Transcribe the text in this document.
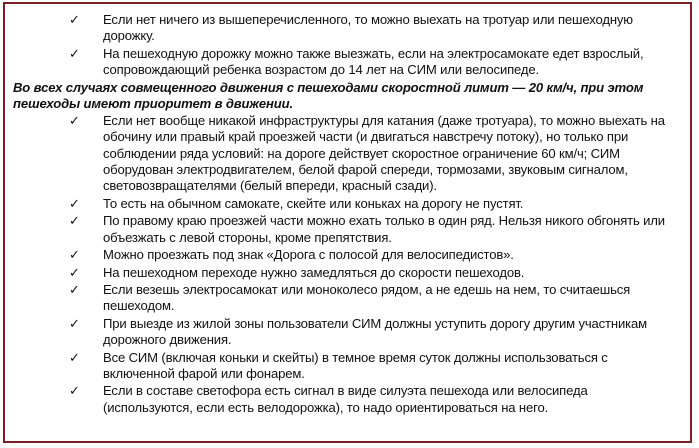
✓ Если нет ничего из вышеперечисленного, то можно выехать на тротуар или пешеходную дорожку.
✓ На пешеходную дорожку можно также выезжать, если на электросамокате едет взрослый, сопровождающий ребенка возрастом до 14 лет на СИМ или велосипеде.
Во всех случаях совмещенного движения с пешеходами скоростной лимит — 20 км/ч, при этом пешеходы имеют приоритет в движении.
✓ Если нет вообще никакой инфраструктуры для катания (даже тротуара), то можно выехать на обочину или правый край проезжей части (и двигаться навстречу потоку), но только при соблюдении ряда условий: на дороге действует скоростное ограничение 60 км/ч; СИМ оборудован электродвигателем, белой фарой спереди, тормозами, звуковым сигналом, световозвращателями (белый впереди, красный сзади).
✓ То есть на обычном самокате, скейте или коньках на дорогу не пустят.
✓ По правому краю проезжей части можно ехать только в один ряд. Нельзя никого обгонять или объезжать с левой стороны, кроме препятствия.
✓ Можно проезжать под знак «Дорога с полосой для велосипедистов».
✓ На пешеходном переходе нужно замедляться до скорости пешеходов.
✓ Если везешь электросамокат или моноколесо рядом, а не едешь на нем, то считаешься пешеходом.
✓ При выезде из жилой зоны пользователи СИМ должны уступить дорогу другим участникам дорожного движения.
✓ Все СИМ (включая коньки и скейты) в темное время суток должны использоваться с включенной фарой или фонарем.
✓ Если в составе светофора есть сигнал в виде силуэта пешехода или велосипеда (используются, если есть велодорожка), то надо ориентироваться на него.
